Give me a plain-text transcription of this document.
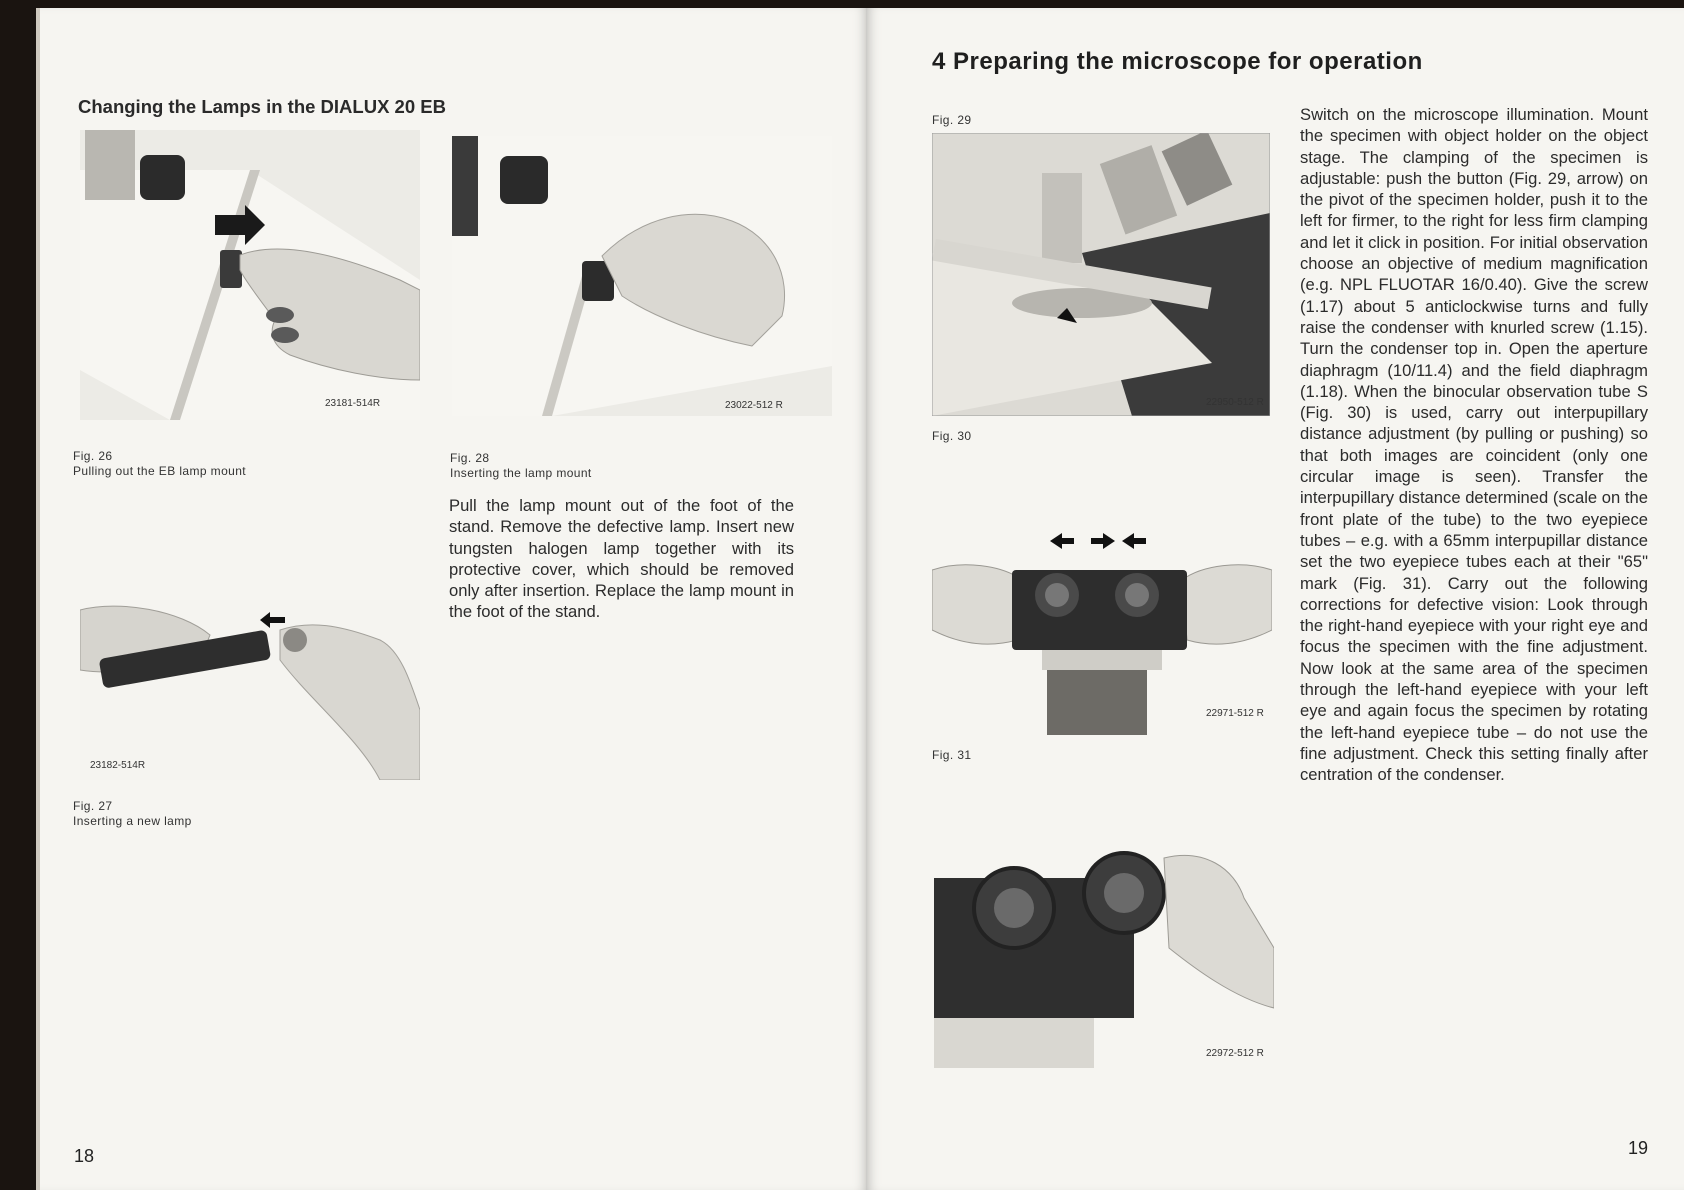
Changing the Lamps in the DIALUX 20 EB
23181-514R
Fig. 26
Pulling out the EB lamp mount
23182-514R
Fig. 27
Inserting a new lamp
23022-512 R
Fig. 28
Inserting the lamp mount
Pull the lamp mount out of the foot of the stand. Remove the defective lamp. Insert new tungsten halogen lamp together with its protective cover, which should be removed only after insertion. Replace the lamp mount in the foot of the stand.
18
4 Preparing the microscope for operation
Fig. 29
22950-512 R
Fig. 30
22971-512 R
Fig. 31
22972-512 R
Switch on the microscope illumination. Mount the specimen with object holder on the object stage. The clamping of the specimen is adjustable: push the button (Fig. 29, arrow) on the pivot of the specimen holder, push it to the left for firmer, to the right for less firm clamping and let it click in position. For initial observation choose an objective of medium magnification (e.g. NPL FLUOTAR 16/0.40). Give the screw (1.17) about 5 anticlockwise turns and fully raise the condenser with knurled screw (1.15). Turn the condenser top in. Open the aperture diaphragm (10/11.4) and the field diaphragm (1.18). When the binocular observation tube S (Fig. 30) is used, carry out interpupillary distance adjustment (by pulling or pushing) so that both images are coincident (only one circular image is seen). Transfer the interpupillary distance determined (scale on the front plate of the tube) to the two eyepiece tubes – e.g. with a 65mm interpupillar distance set the two eyepiece tubes each at their "65" mark (Fig. 31). Carry out the following corrections for defective vision: Look through the right-hand eyepiece with your right eye and focus the specimen with the fine adjustment. Now look at the same area of the specimen through the left-hand eyepiece with your left eye and again focus the specimen by rotating the left-hand eyepiece tube – do not use the fine adjustment. Check this setting finally after centration of the condenser.
19
